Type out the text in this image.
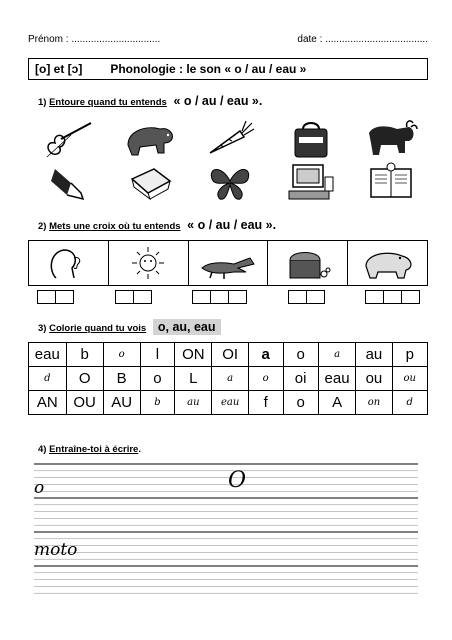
Prénom : ................................	date : .....................................
[o] et [ɔ] Phonologie : le son « o / au / eau »
1) Entoure quand tu entends « o / au / eau ».
2) Mets une croix où tu entends « o / au / eau ».
3) Colorie quand tu vois o, au, eau
eau	b	o	l	ON	OI	a	o	a	au	p
d	O	B	o	L	a	o	oi	eau	ou	ou
AN	OU	AU	b	au	eau	f	o	A	on	d
4) Entraîne-toi à écrire.
o	O
moto
